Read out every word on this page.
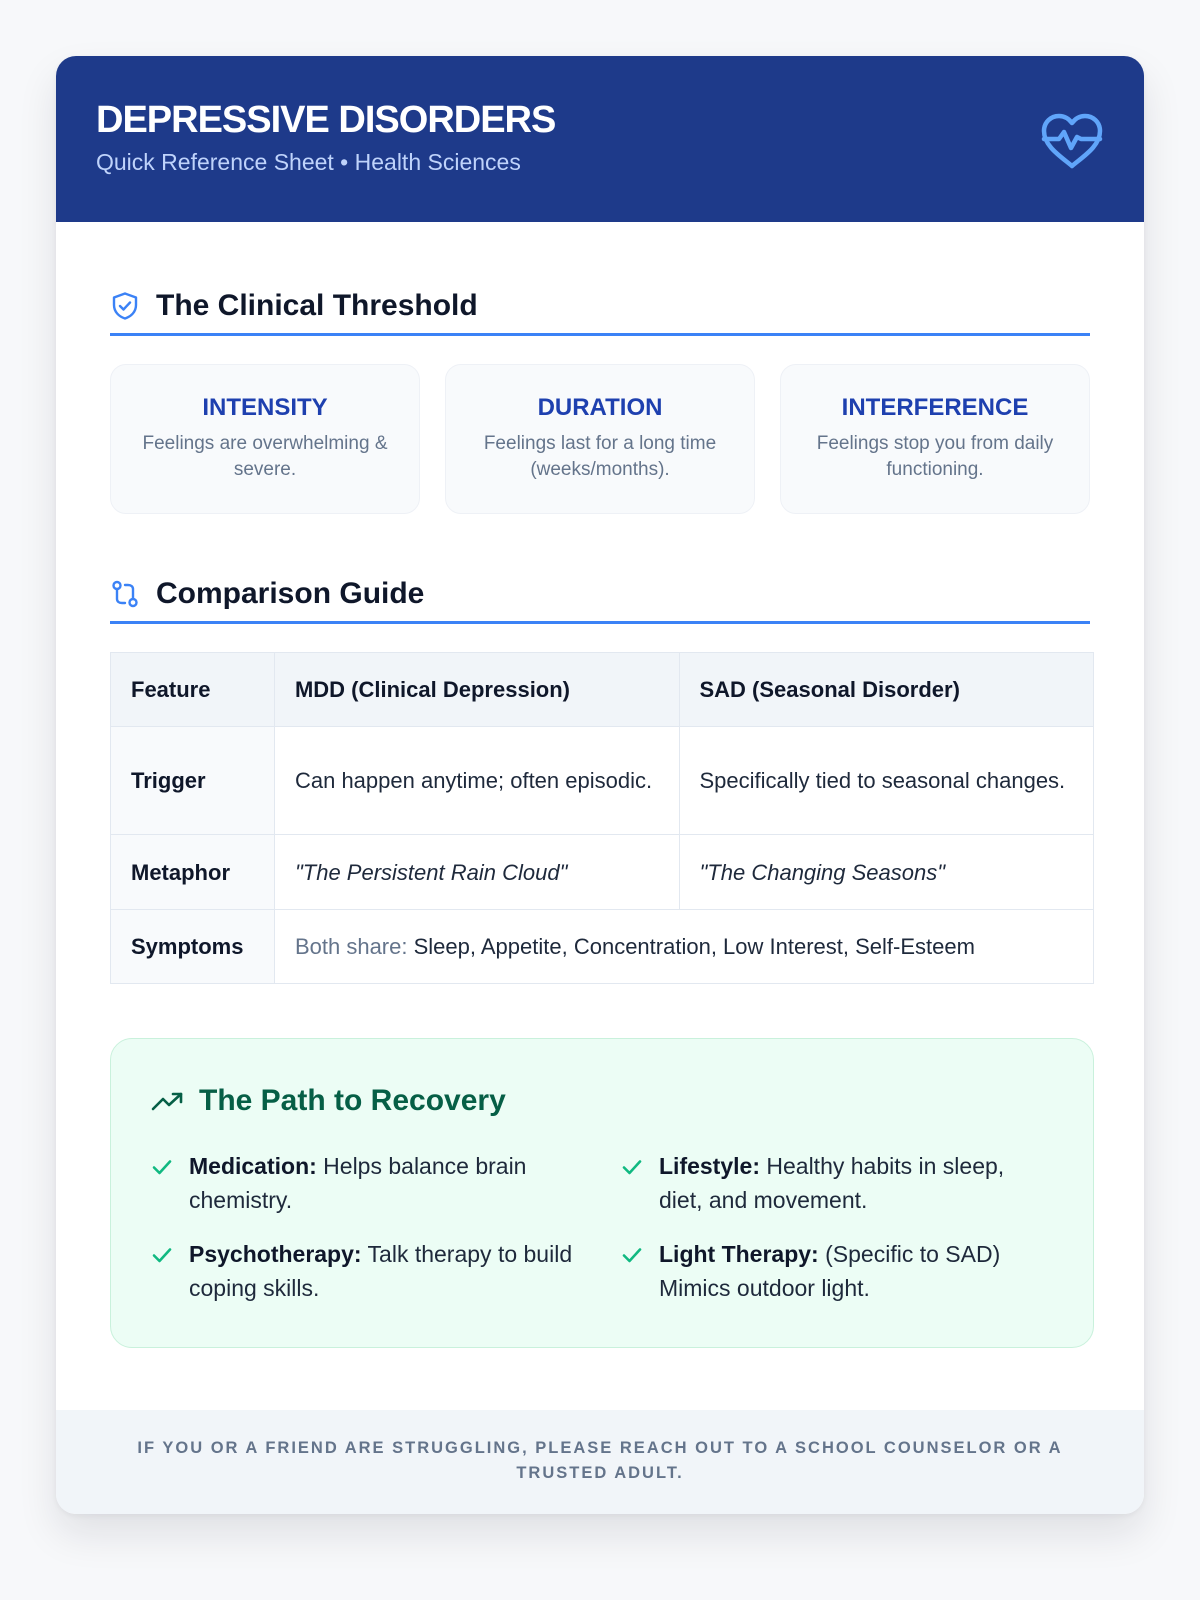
DEPRESSIVE DISORDERS
Quick Reference Sheet • Health Sciences
The Clinical Threshold
INTENSITY
Feelings are overwhelming & severe.
DURATION
Feelings last for a long time (weeks/months).
INTERFERENCE
Feelings stop you from daily functioning.
Comparison Guide
Feature	MDD (Clinical Depression)	SAD (Seasonal Disorder)
Trigger	Can happen anytime; often episodic.	Specifically tied to seasonal changes.
Metaphor	"The Persistent Rain Cloud"	"The Changing Seasons"
Symptoms	Both share: Sleep, Appetite, Concentration, Low Interest, Self-Esteem	
The Path to Recovery
Medication: Helps balance brain chemistry.
Lifestyle: Healthy habits in sleep, diet, and movement.
Psychotherapy: Talk therapy to build coping skills.
Light Therapy: (Specific to SAD) Mimics outdoor light.
IF YOU OR A FRIEND ARE STRUGGLING, PLEASE REACH OUT TO A SCHOOL COUNSELOR OR A TRUSTED ADULT.
